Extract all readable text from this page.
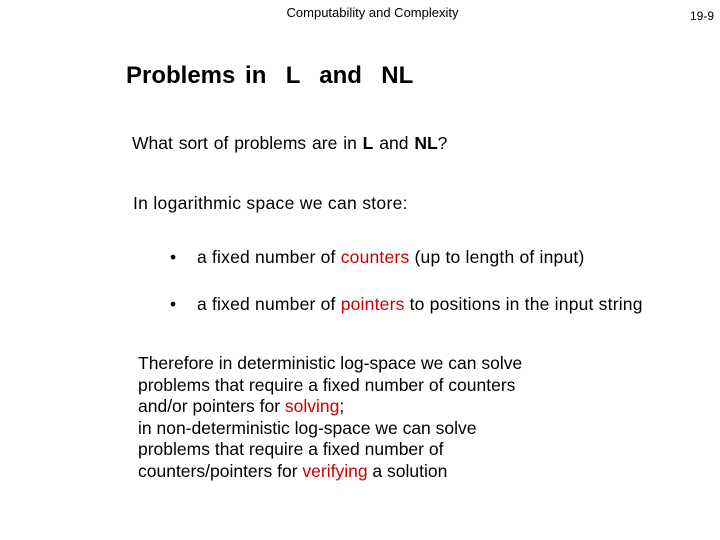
Computability and Complexity	19-9
Problems in  L  and  NL
What sort of problems are in L and NL?
In logarithmic space we can store:
• a fixed number of counters (up to length of input)
• a fixed number of pointers to positions in the input string
Therefore in deterministic log-space we can solve
problems that require a fixed number of counters
and/or pointers for solving;
in non-deterministic log-space we can solve
problems that require a fixed number of
counters/pointers for verifying a solution
